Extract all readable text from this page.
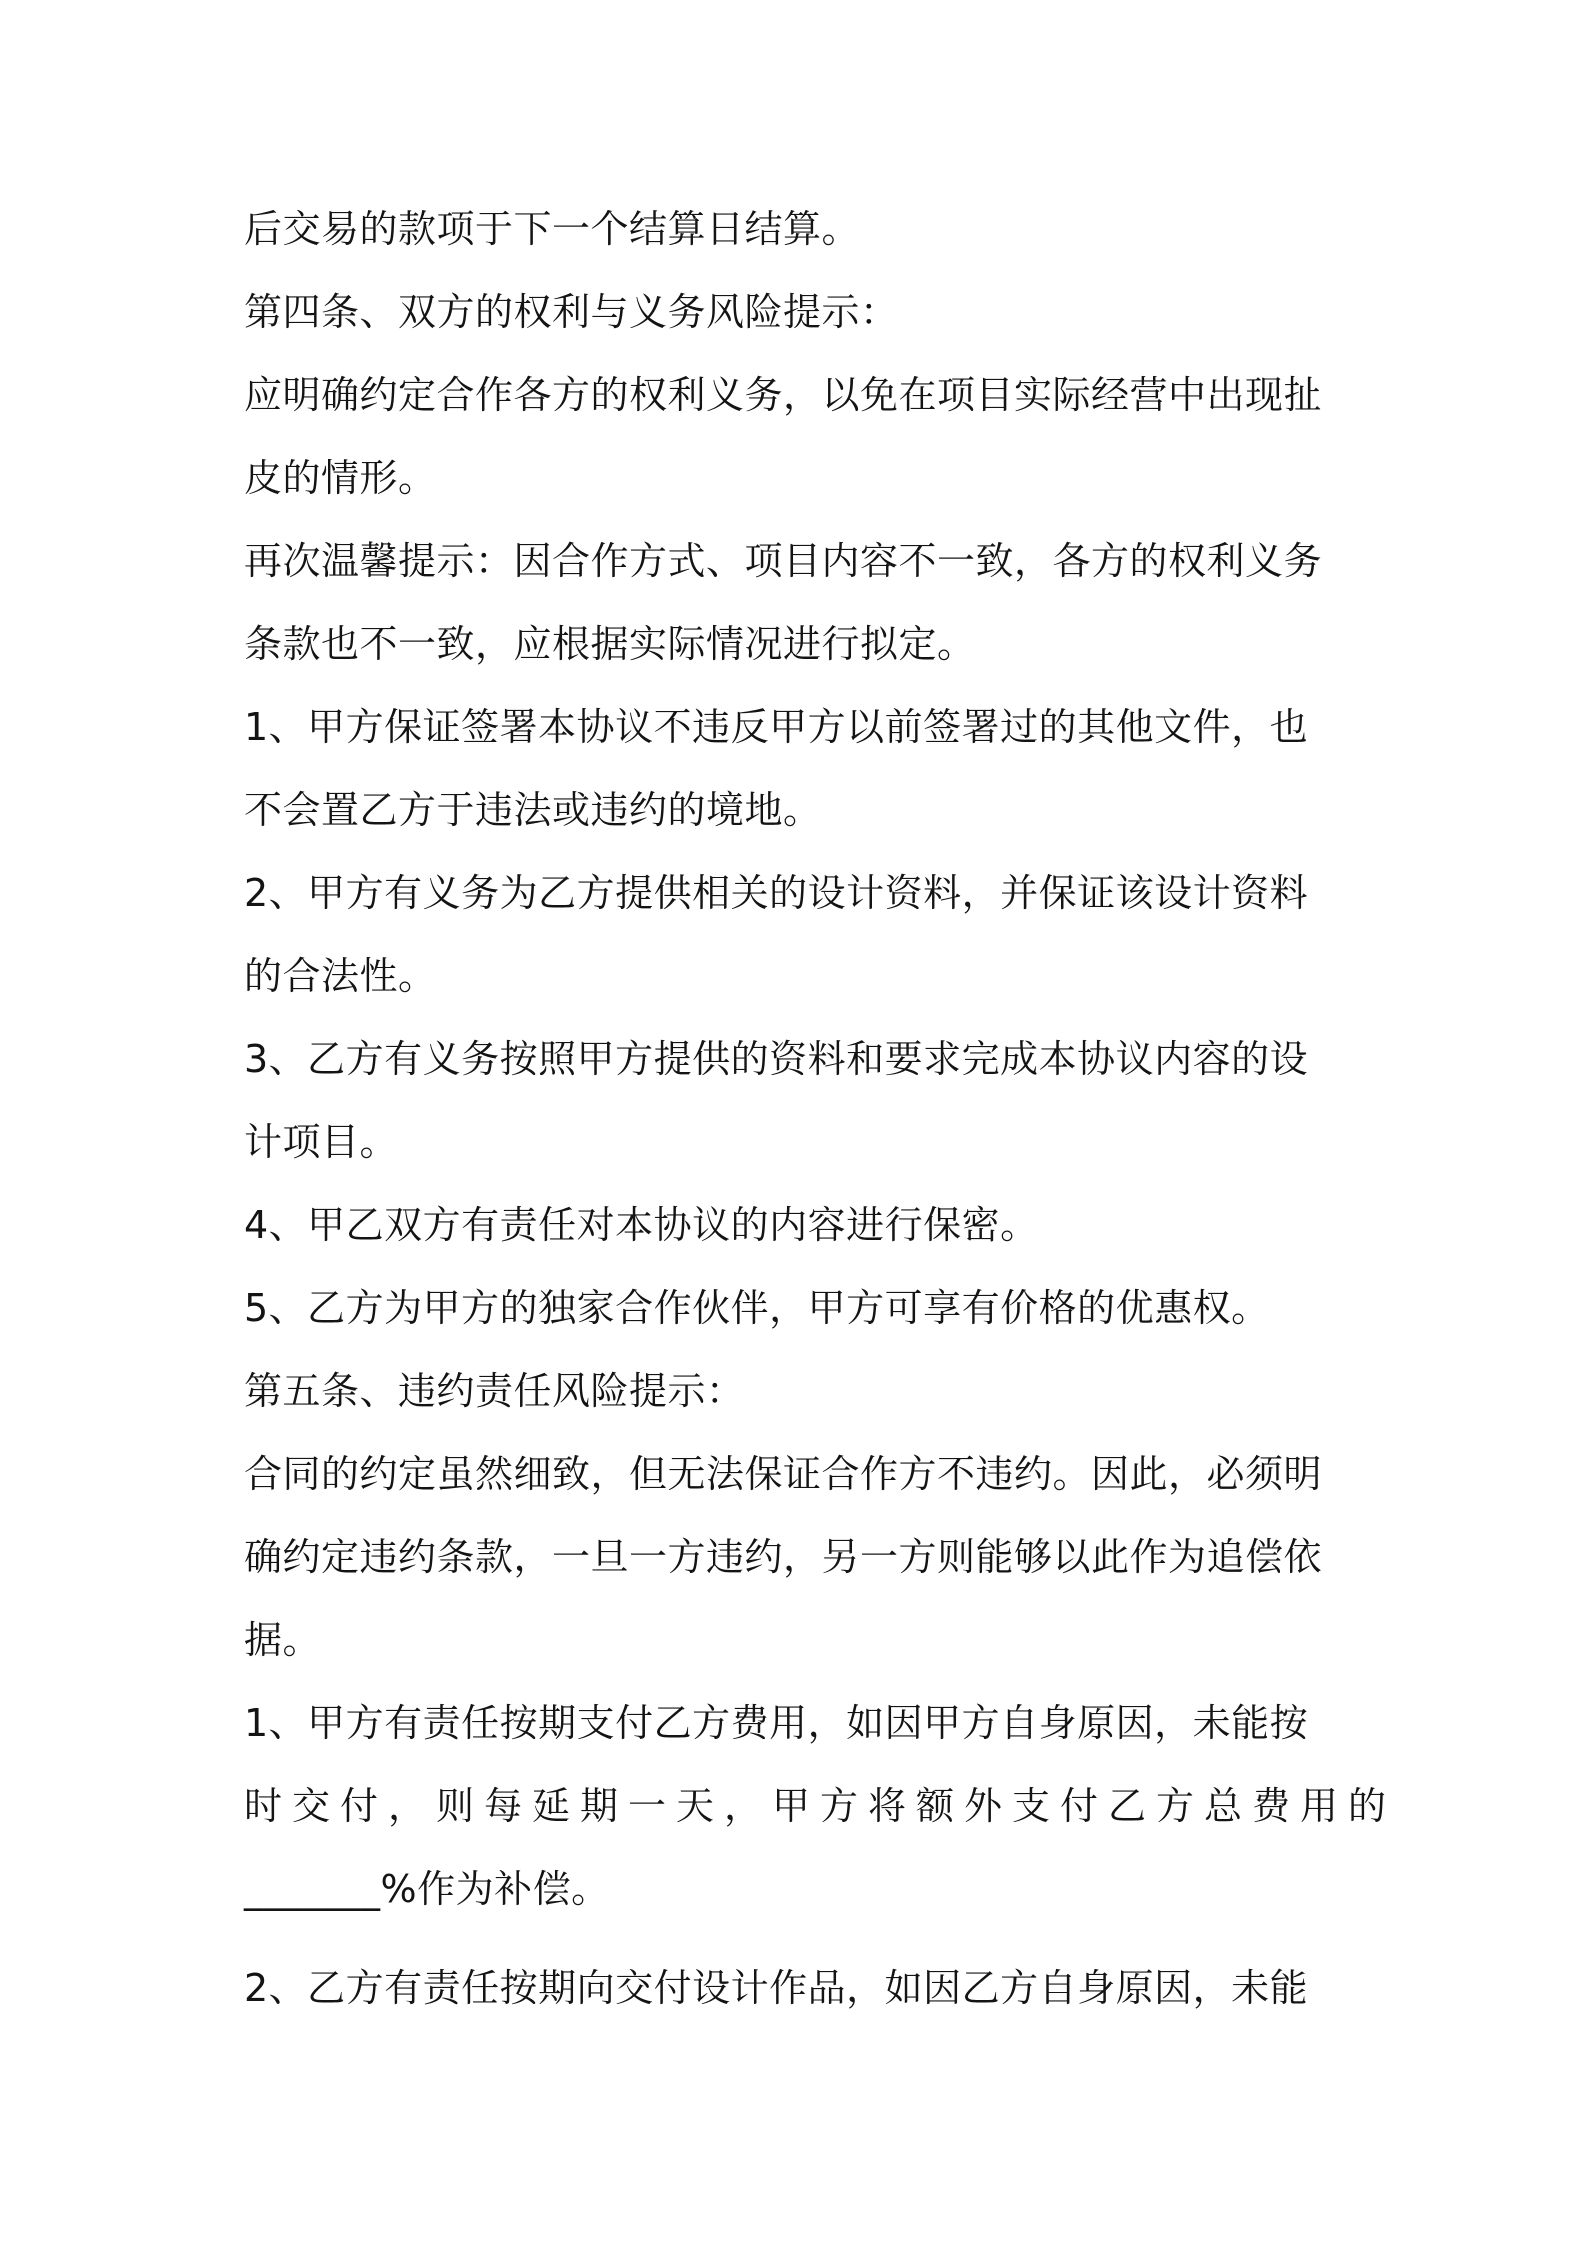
后交易的款项于下一个结算日结算。
第四条、双方的权利与义务风险提示：
应明确约定合作各方的权利义务，以免在项目实际经营中出现扯
皮的情形。
再次温馨提示：因合作方式、项目内容不一致，各方的权利义务
条款也不一致，应根据实际情况进行拟定。
1、甲方保证签署本协议不违反甲方以前签署过的其他文件，也
不会置乙方于违法或违约的境地。
2、甲方有义务为乙方提供相关的设计资料，并保证该设计资料
的合法性。
3、乙方有义务按照甲方提供的资料和要求完成本协议内容的设
计项目。
4、甲乙双方有责任对本协议的内容进行保密。
5、乙方为甲方的独家合作伙伴，甲方可享有价格的优惠权。
第五条、违约责任风险提示：
合同的约定虽然细致，但无法保证合作方不违约。因此，必须明
确约定违约条款，一旦一方违约，另一方则能够以此作为追偿依
据。
1、甲方有责任按期支付乙方费用，如因甲方自身原因，未能按
时交付，则每延期一天，甲方将额外支付乙方总费用的
_______%作为补偿。
2、乙方有责任按期向交付设计作品，如因乙方自身原因，未能
